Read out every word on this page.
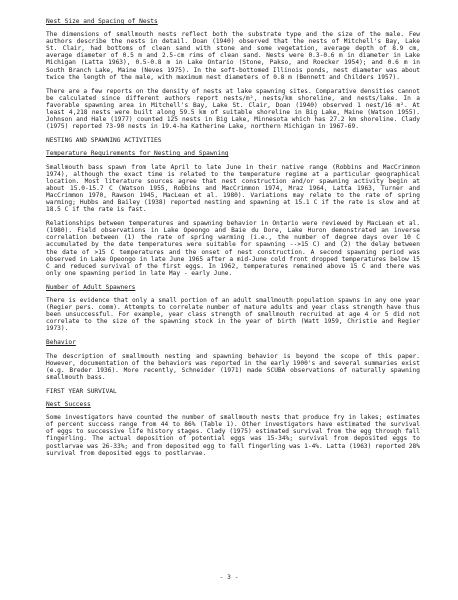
Nest Size and Spacing of Nests

The dimensions of smallmouth nests reflect both the substrate type and the size of the male. Few authors describe the nests in detail. Doan (1940) observed that the nests of Mitchell's Bay, Lake St. Clair, had bottoms of clean sand with stone and some vegetation, average depth of 8.9 cm, average diameter of 0.5 m and 2.5-cm rims of clean sand. Nests were 0.3-0.6 m in diameter in Lake Michigan (Latta 1963), 0.5-0.8 m in Lake Ontario (Stone, Pakso, and Roecker 1954); and 0.6 m in South Branch Lake, Maine (Neves 1975). In the soft-bottomed Illinois ponds, nest diameter was about twice the length of the male, with maximum nest diameters of 0.8 m (Bennett and Childers 1957).

There are a few reports on the density of nests at lake spawning sites. Comparative densities cannot be calculated since different authors report nests/m², nests/km shoreline, and nests/lake. In a favorable spawning area in Mitchell's Bay, Lake St. Clair, Doan (1940) observed 1 nest/16 m². At least 4,218 nests were built along 59.5 km of suitable shoreline in Big Lake, Maine (Watson 1955). Johnson and Hale (1977) counted 125 nests in Big Lake, Minnesota which has 27.2 km shoreline. Clady (1975) reported 73-90 nests in 19.4-ha Katherine Lake, northern Michigan in 1967-69.

NESTING AND SPAWNING ACTIVITIES
Temperature Requirements for Nesting and Spawning

Smallmouth bass spawn from late April to late June in their native range (Robbins and MacCrimmon 1974), although the exact time is related to the temperature regime at a particular geographical location. Most literature sources agree that nest construction and/or spawning activity begin at about 15.0-15.7 C (Watson 1955, Robbins and MacCrimmon 1974, Mraz 1964, Latta 1963, Turner and MacCrimmon 1970, Rawson 1945, MacLean et al. 1980). Variations may relate to the rate of spring warming; Hubbs and Bailey (1938) reported nesting and spawning at 15.1 C if the rate is slow and at 18.5 C if the rate is fast.

Relationships between temperatures and spawning behavior in Ontario were reviewed by MacLean et al. (1980). Field observations in Lake Opeongo and Baie du Dore, Lake Huron demonstrated an inverse correlation between (1) the rate of spring warming (i.e., the number of degree days over 10 C accumulated by the date temperatures were suitable for spawning -->15 C) and (2) the delay between the date of >15 C temperatures and the onset of nest construction. A second spawning period was observed in Lake Opeongo in late June 1965 after a mid-June cold front dropped temperatures below 15 C and reduced survival of the first eggs. In 1962, temperatures remained above 15 C and there was only one spawning period in late May - early June.

Number of Adult Spawners

There is evidence that only a small portion of an adult smallmouth population spawns in any one year (Regier pers. comm). Attempts to correlate number of mature adults and year class strength have thus been unsuccessful. For example, year class strength of smallmouth recruited at age 4 or 5 did not correlate to the size of the spawning stock in the year of birth (Watt 1959, Christie and Regier 1973).

Behavior

The description of smallmouth nesting and spawning behavior is beyond the scope of this paper. However, documentation of the behaviors was reported in the early 1900's and several summaries exist (e.g. Breder 1936). More recently, Schneider (1971) made SCUBA observations of naturally spawning smallmouth bass.

FIRST YEAR SURVIVAL
Nest Success

Some investigators have counted the number of smallmouth nests that produce fry in lakes; estimates of percent success range from 44 to 86% (Table 1). Other investigators have estimated the survival of eggs to successive life history stages. Clady (1975) estimated survival from the egg through fall fingerling. The actual deposition of potential eggs was 15-34%; survival from deposited eggs to postlarvae was 26-33%; and from deposited egg to fall fingerling was 1-4%. Latta (1963) reported 28% survival from deposited eggs to postlarvae.

- 3 -
